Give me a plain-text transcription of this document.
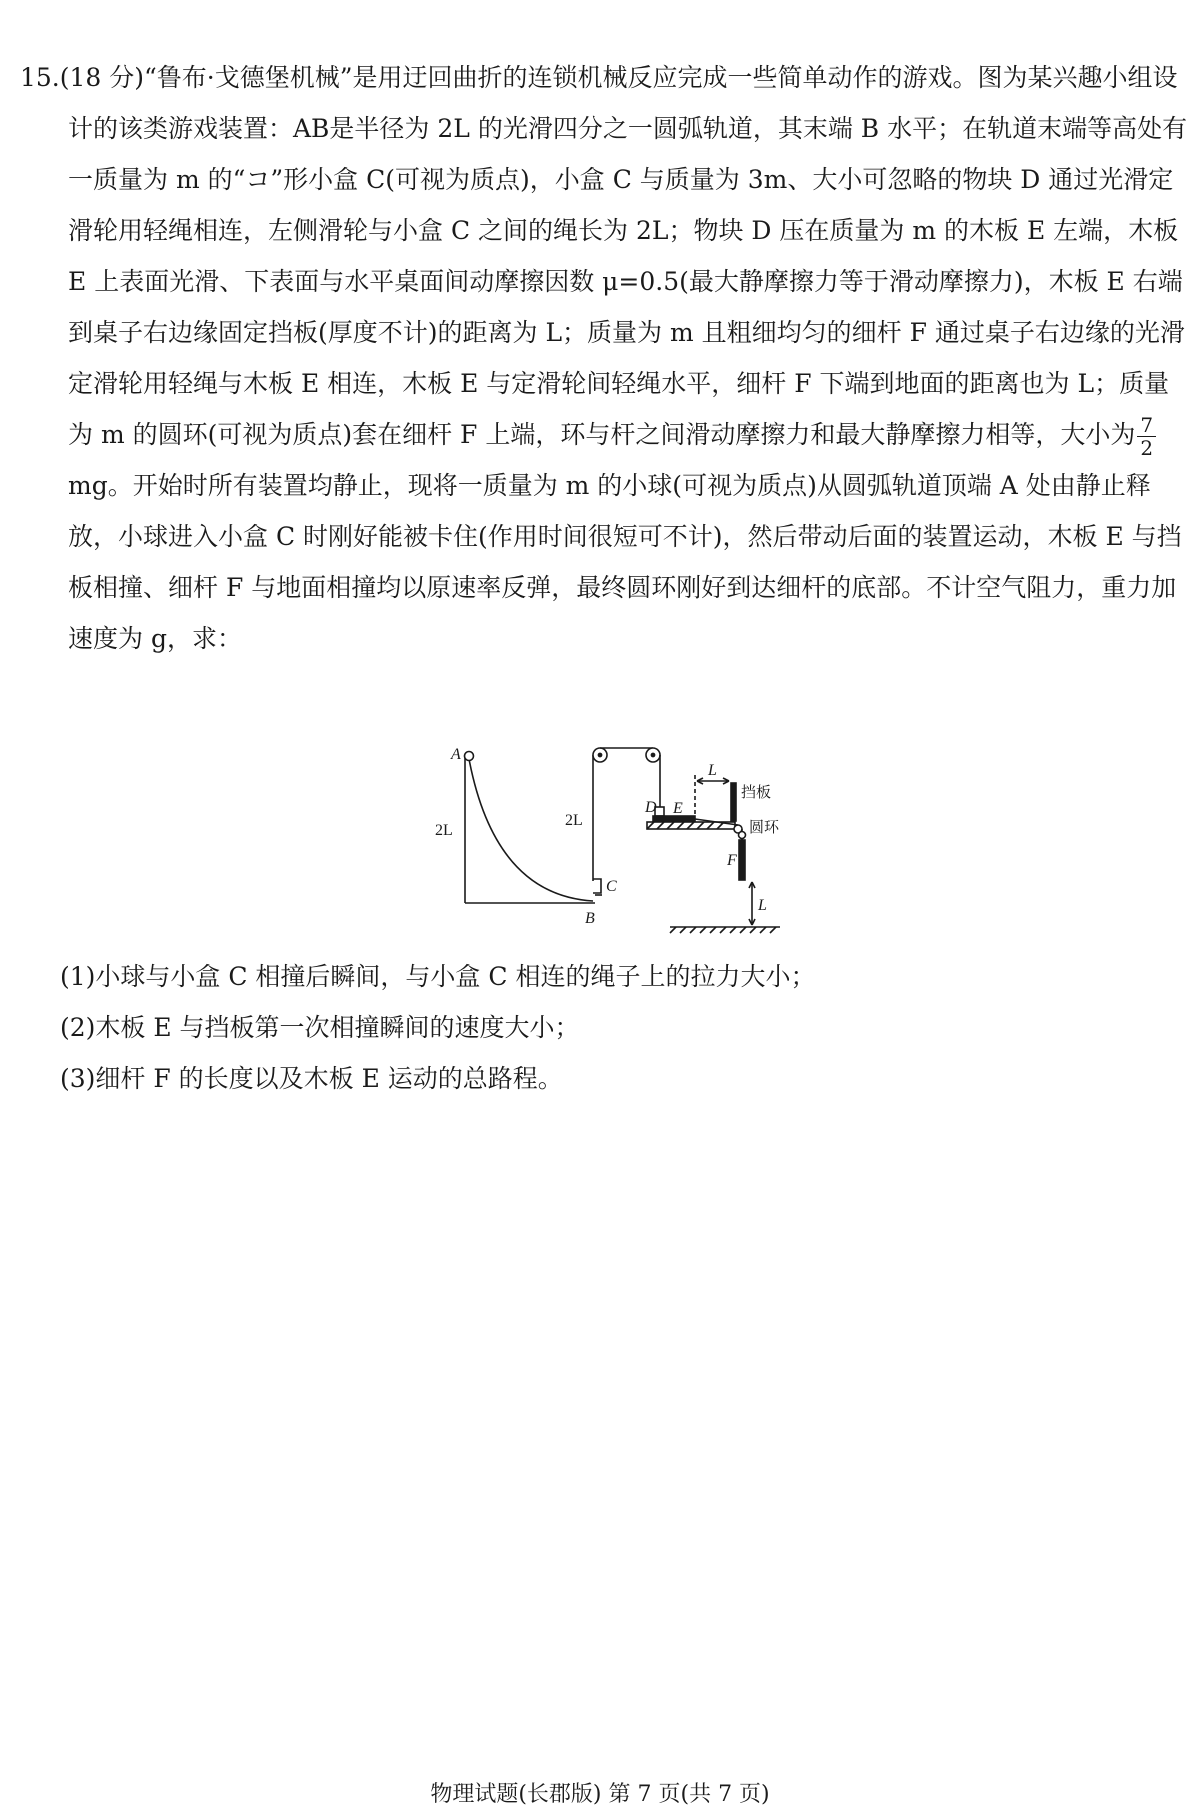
15.(18 分)“鲁布·戈德堡机械”是用迂回曲折的连锁机械反应完成一些简单动作的游戏。图为某兴趣小组设计的该类游戏装置：AB是半径为 2L 的光滑四分之一圆弧轨道，其末端 B 水平；在轨道末端等高处有一质量为 m 的“コ”形小盒 C(可视为质点)，小盒 C 与质量为 3m、大小可忽略的物块 D 通过光滑定滑轮用轻绳相连，左侧滑轮与小盒 C 之间的绳长为 2L；物块 D 压在质量为 m 的木板 E 左端，木板 E 上表面光滑、下表面与水平桌面间动摩擦因数 μ=0.5(最大静摩擦力等于滑动摩擦力)，木板 E 右端到桌子右边缘固定挡板(厚度不计)的距离为 L；质量为 m 且粗细均匀的细杆 F 通过桌子右边缘的光滑定滑轮用轻绳与木板 E 相连，木板 E 与定滑轮间轻绳水平，细杆 F 下端到地面的距离也为 L；质量为 m 的圆环(可视为质点)套在细杆 F 上端，环与杆之间滑动摩擦力和最大静摩擦力相等，大小为 $\frac{7}{2}$
mg。开始时所有装置均静止，现将一质量为 m 的小球(可视为质点)从圆弧轨道顶端 A 处由静止释放，小球进入小盒 C 时刚好能被卡住(作用时间很短可不计)，然后带动后面的装置运动，木板 E 与挡板相撞、细杆 F 与地面相撞均以原速率反弹，最终圆环刚好到达细杆的底部。不计空气阻力，重力加速度为 g，求：

A
2L
B
C
2L
D E
L
挡板
圆环
F
L

(1)小球与小盒 C 相撞后瞬间，与小盒 C 相连的绳子上的拉力大小；

(2)木板 E 与挡板第一次相撞瞬间的速度大小；

(3)细杆 F 的长度以及木板 E 运动的总路程。

物理试题(长郡版) 第 7 页(共 7 页)
